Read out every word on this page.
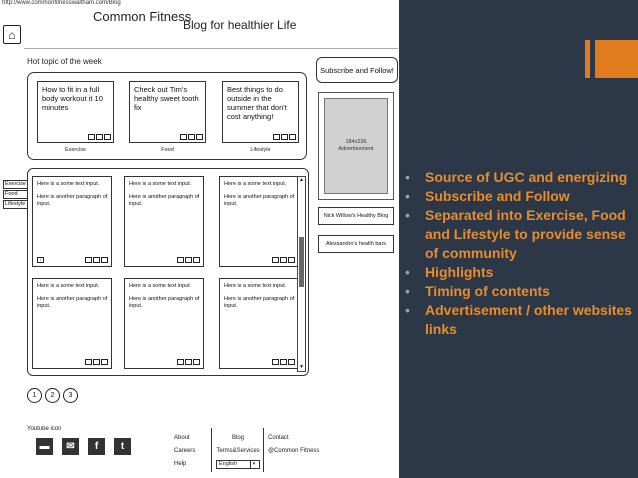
http://www.commonfitnesswaltham.com/Blog
⌂
Common Fitness
Blog for healthier Life
Hot topic of the week
How to fit in a full body workout it 10 minutes
Check out Tim's healthy sweet tooth fix
Best things to do outside in the summer that don't cost anything!
Exercise	Food	Lifestyle
Subscribe and Follow!
184x236
Advertisement
Nick Willow's Healthy Blog
Alessandro's health bars
Exercise
Food
Lifestyle
Here is a some text input.
Here is another paragraph of input.
+
Here is a some text input.
Here is another paragraph of input.
Here is a some text input.
Here is another paragraph of input.
Here is a some text input.
Here is another paragraph of input.
Here is a some text input.
Here is another paragraph of input.
Here is a some text input.
Here is another paragraph of input.
▲
▼
1	2	3
Youtube icon
▬	✉	f	t
About
Careers
Help
Blog
Terms&Services
English	▾
Contact
@Common Fitness
• Source of UGC and energizing
• Subscribe and Follow
• Separated into Exercise, Food and Lifestyle to provide sense of community
• Highlights
• Timing of contents
• Advertisement / other websites links
